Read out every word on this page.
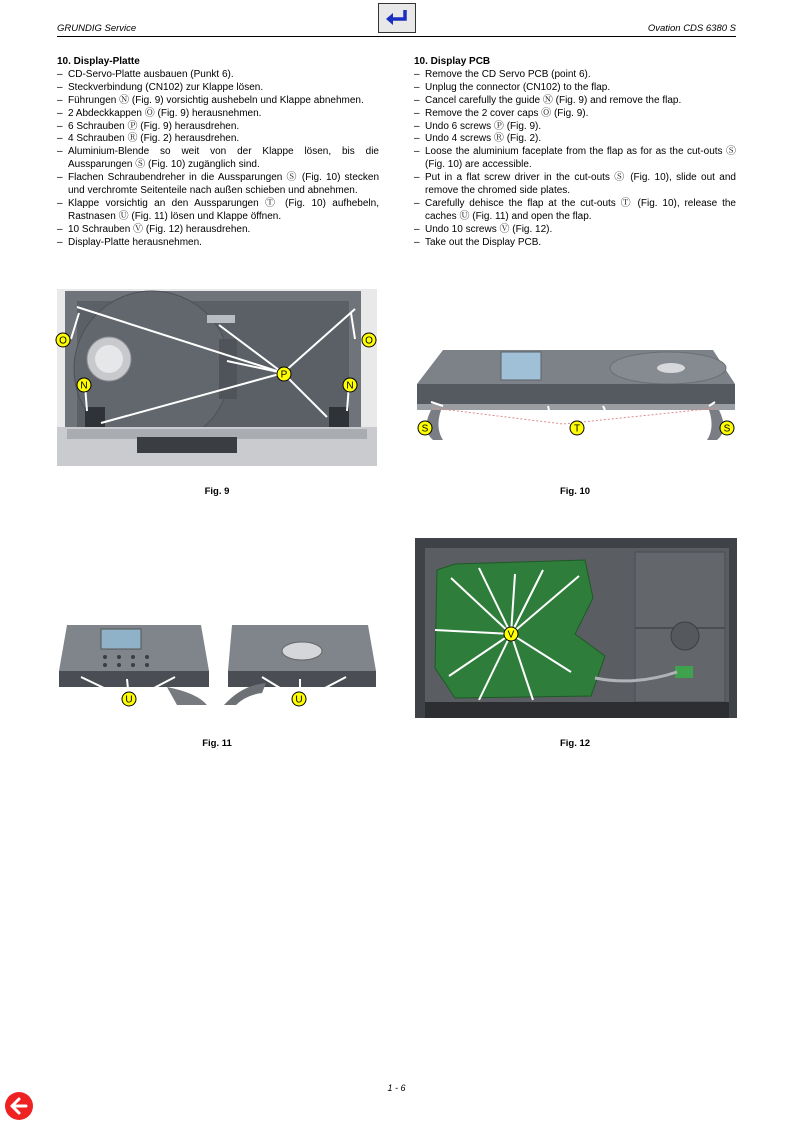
GRUNDIG Service	Ovation CDS 6380 S
10. Display-Platte
– CD-Servo-Platte ausbauen (Punkt 6).
– Steckverbindung (CN102) zur Klappe lösen.
– Führungen Ⓝ (Fig. 9) vorsichtig aushebeln und Klappe abnehmen.
– 2 Abdeckkappen Ⓞ (Fig. 9) herausnehmen.
– 6 Schrauben Ⓟ (Fig. 9) herausdrehen.
– 4 Schrauben Ⓡ (Fig. 2) herausdrehen.
– Aluminium-Blende so weit von der Klappe lösen, bis die Aussparungen Ⓢ (Fig. 10) zugänglich sind.
– Flachen Schraubendreher in die Aussparungen Ⓢ (Fig. 10) stecken und verchromte Seitenteile nach außen schieben und abnehmen.
– Klappe vorsichtig an den Aussparungen Ⓣ (Fig. 10) aufhebeln, Rastnasen Ⓤ (Fig. 11) lösen und Klappe öffnen.
– 10 Schrauben Ⓥ (Fig. 12) herausdrehen.
– Display-Platte herausnehmen.
10. Display PCB
– Remove the CD Servo PCB (point 6).
– Unplug the connector (CN102) to the flap.
– Cancel carefully the guide Ⓝ (Fig. 9) and remove the flap.
– Remove the 2 cover caps Ⓞ (Fig. 9).
– Undo 6 screws Ⓟ (Fig. 9).
– Undo 4 screws Ⓡ (Fig. 2).
– Loose the aluminium faceplate from the flap as for as the cut-outs Ⓢ (Fig. 10) are accessible.
– Put in a flat screw driver in the cut-outs Ⓢ (Fig. 10), slide out and remove the chromed side plates.
– Carefully dehisce the flap at the cut-outs Ⓣ (Fig. 10), release the caches Ⓤ (Fig. 11) and open the flap.
– Undo 10 screws Ⓥ (Fig. 12).
– Take out the Display PCB.
O	O
N	N
P
Fig. 9
S	T	S
Fig. 10
U	U
Fig. 11
V
Fig. 12
1 - 6
